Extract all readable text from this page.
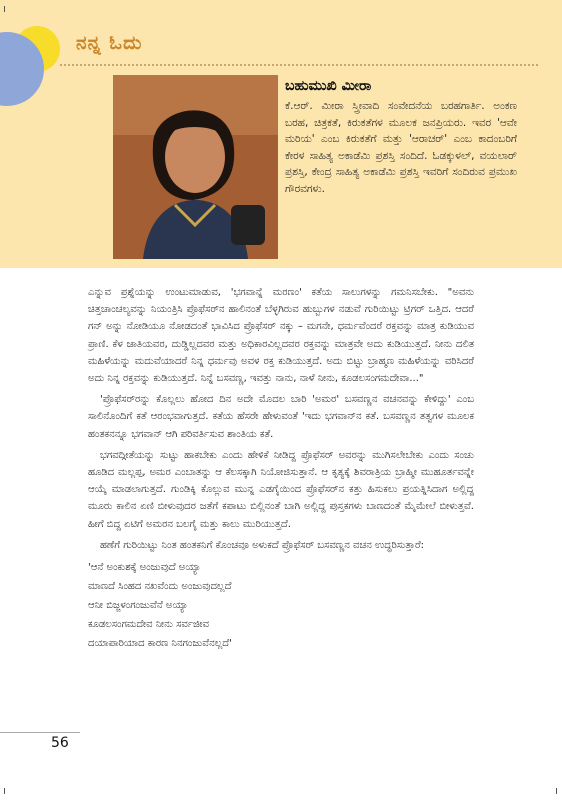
ನನ್ನ ಓದು
ಬಹುಮುಖಿ ಮೀರಾ
ಕೆ.ಆರ್. ಮೀರಾ ಸ್ತ್ರೀವಾದಿ ಸಂವೇದನೆಯ ಬರಹಗಾರ್ತಿ. ಅಂಕಣ ಬರಹ, ಚಿತ್ರಕತೆ, ಕಿರುಕತೆಗಳ ಮೂಲಕ ಜನಪ್ರಿಯರು. ಇವರ 'ಆವೇ ಮರಿಯ' ಎಂಬ ಕಿರುಕತೆಗೆ ಮತ್ತು 'ಆರಾಚರ್' ಎಂಬ ಕಾದಂಬರಿಗೆ ಕೇರಳ ಸಾಹಿತ್ಯ ಅಕಾಡೆಮಿ ಪ್ರಶಸ್ತಿ ಸಂದಿದೆ. ಓಡಕ್ಕುಳಲ್, ವಯಲಾರ್ ಪ್ರಶಸ್ತಿ, ಕೇಂದ್ರ ಸಾಹಿತ್ಯ ಅಕಾಡೆಮಿ ಪ್ರಶಸ್ತಿ ಇವರಿಗೆ ಸಂದಿರುವ ಪ್ರಮುಖ ಗೌರವಗಳು.

ಎನ್ನುವ ಪ್ರಶ್ನೆಯನ್ನು ಉಂಟುಮಾಡುವ, 'ಭಗವಾನ್ನೆ ಮರಣಂ' ಕತೆಯ ಸಾಲುಗಳನ್ನು ಗಮನಿಸಬೇಕು. "ಅವನು ಚಿತ್ತಚಾಂಚಲ್ಯವನ್ನು ನಿಯಂತ್ರಿಸಿ ಪ್ರೊಫೆಸರ್‌ನ ಹಾಲಿನಂತೆ ಬೆಳ್ಳಗಿರುವ ಹುಬ್ಬುಗಳ ನಡುವೆ ಗುರಿಯಿಟ್ಟು ಟ್ರಿಗರ್ ಒತ್ತಿದ. ಆದರೆ ಗನ್ ಅನ್ನು ನೋಡಿಯೂ ನೋಡದಂತೆ ಭಾವಿಸಿದ ಪ್ರೊಫೆಸರ್ ನಕ್ಕು – ಮಗನೇ, ಧರ್ಮವೆಂದರೆ ರಕ್ತವನ್ನು ಮಾತ್ರ ಕುಡಿಯುವ ಪ್ರಾಣಿ. ಕೆಳ ಜಾತಿಯವರ, ದುಡ್ಡಿಲ್ಲದವರ ಮತ್ತು ಅಧಿಕಾರವಿಲ್ಲದವರ ರಕ್ತವನ್ನು ಮಾತ್ರವೇ ಅದು ಕುಡಿಯುತ್ತದೆ. ನೀನು ದಲಿತ ಮಹಿಳೆಯನ್ನು ಮದುವೆಯಾದರೆ ನಿನ್ನ ಧರ್ಮವು ಅವಳ ರಕ್ತ ಕುಡಿಯುತ್ತದೆ. ಅದು ಬಿಟ್ಟು ಬ್ರಾಹ್ಮಣ ಮಹಿಳೆಯನ್ನು ವರಿಸಿದರೆ ಅದು ನಿನ್ನ ರಕ್ತವನ್ನು ಕುಡಿಯುತ್ತದೆ. ನಿನ್ನೆ ಬಸವಣ್ಣ, ಇವತ್ತು ನಾನು, ನಾಳೆ ನೀನು, ಕೂಡಲಸಂಗಮದೇವಾ..."

'ಪ್ರೊಫೆಸರ್‌ರನ್ನು ಕೊಲ್ಲಲು ಹೋದ ದಿನ ಅದೇ ಮೊದಲ ಬಾರಿ 'ಅಮರ' ಬಸವಣ್ಣನ ವಚನವನ್ನು ಕೇಳಿದ್ದು' ಎಂಬ ಸಾಲಿನೊಂದಿಗೆ ಕತೆ ಆರಂಭವಾಗುತ್ತದೆ. ಕತೆಯ ಹೆಸರೇ ಹೇಳುವಂತೆ 'ಇದು ಭಗವಾನ್‌ನ ಕತೆ. ಬಸವಣ್ಣನ ತತ್ವಗಳ ಮೂಲಕ ಹಂತಕನನ್ನೂ ಭಗವಾನ್ ಆಗಿ ಪರಿವರ್ತಿಸುವ ಶಾಂತಿಯ ಕತೆ.

ಭಗವದ್ಗೀತೆಯನ್ನು ಸುಟ್ಟು ಹಾಕಬೇಕು ಎಂದು ಹೇಳಿಕೆ ನೀಡಿದ್ದ ಪ್ರೊಫೆಸರ್ ಅವರನ್ನು ಮುಗಿಸಲೇಬೇಕು ಎಂದು ಸಂಚು ಹೂಡಿದ ಮಲ್ಲಪ್ಪ, ಅಮರ ಎಂಬಾತನ್ನು ಆ ಕೆಲಸಕ್ಕಾಗಿ ನಿಯೋಜಿಸುತ್ತಾನೆ. ಆ ಕೃತ್ಯಕ್ಕೆ ಶಿವರಾತ್ರಿಯ ಬ್ರಾಹ್ಮೀ ಮುಹೂರ್ತವನ್ನೇ ಆಯ್ಕೆ ಮಾಡಲಾಗುತ್ತದೆ. ಗುಂಡಿಕ್ಕಿ ಕೊಲ್ಲುವ ಮುನ್ನ ಎಡಗೈಯಿಂದ ಪ್ರೊಫೆಸರ್‌ನ ಕತ್ತು ಹಿಸುಕಲು ಪ್ರಯತ್ನಿಸಿದಾಗ ಅಲ್ಲಿದ್ದ ಮೂರು ಕಾಲಿನ ಏಣಿ ಬೀಳುವುದರ ಜತೆಗೆ ಕಪಾಟು ಬಿಲ್ಲಿನಂತೆ ಬಾಗಿ ಅಲ್ಲಿದ್ದ ಪುಸ್ತಕಗಳು ಬಾಣದಂತೆ ಮೈಮೇಲೆ ಬೀಳುತ್ತವೆ. ಹೀಗೆ ಬಿದ್ದ ಏಟಿಗೆ ಅಮರನ ಬಲಗೈ ಮತ್ತು ಕಾಲು ಮುರಿಯುತ್ತದೆ.

ಹಣೆಗೆ ಗುರಿಯಿಟ್ಟು ನಿಂತ ಹಂತಕನಿಗೆ ಕೊಂಚವೂ ಅಳುಕದೆ ಪ್ರೊಫೆಸರ್ ಬಸವಣ್ಣನ ವಚನ ಉದ್ಧರಿಸುತ್ತಾರೆ:

'ಆನೆ ಅಂಕುಶಕ್ಕೆ ಅಂಜುವುದೆ ಅಯ್ಯಾ
ಮಾಣದೆ ಸಿಂಹದ ನಖವೆಂದು ಅಂಜುವುದಲ್ಲದೆ
ಆನೀ ಬಿಜ್ಜಳಂಗಂಜುವೆನೆ ಅಯ್ಯಾ
ಕೂಡಲಸಂಗಮದೇವ ನೀನು ಸರ್ವಜೀವ
ದಯಾಪಾರಿಯಾದ ಕಾರಣ ನಿನಗಂಜುವೆನಲ್ಲದೆ'
56
